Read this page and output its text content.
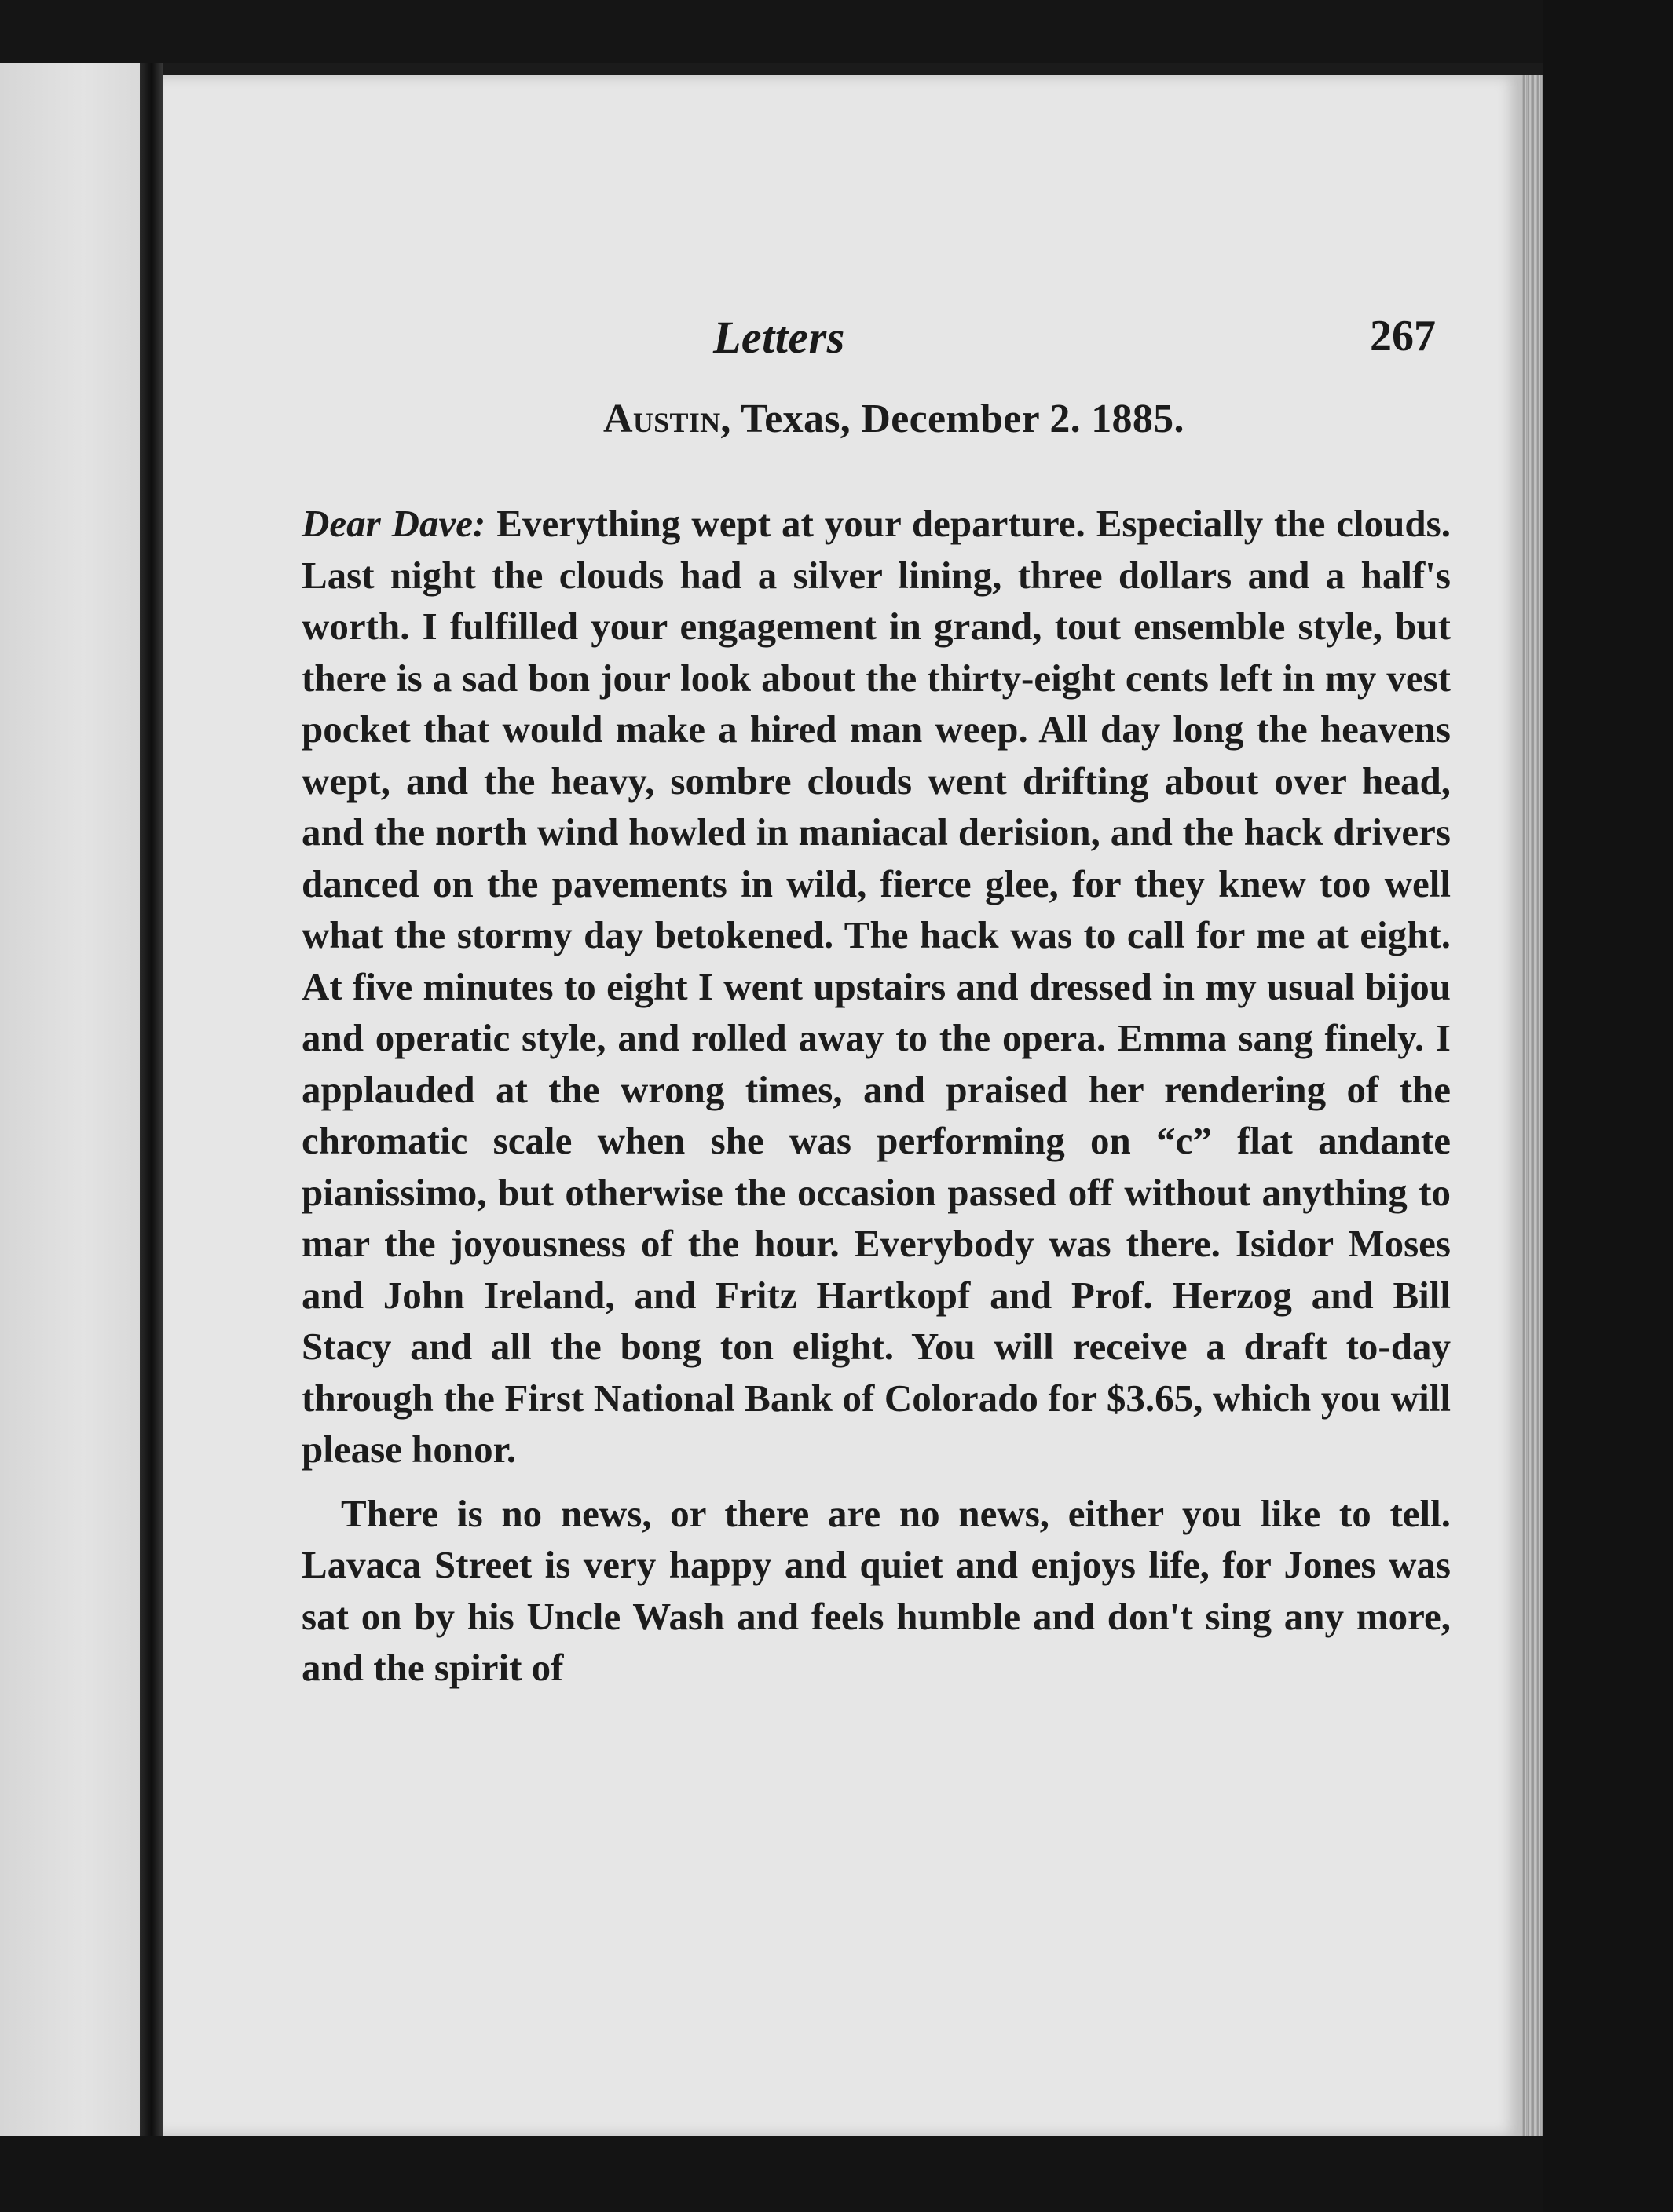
Letters	267
Austin, Texas, December 2. 1885.

Dear Dave: Everything wept at your departure. Especially the clouds. Last night the clouds had a silver lining, three dollars and a half's worth. I fulfilled your engagement in grand, tout ensemble style, but there is a sad bon jour look about the thirty-eight cents left in my vest pocket that would make a hired man weep. All day long the heavens wept, and the heavy, sombre clouds went drifting about over head, and the north wind howled in maniacal derision, and the hack drivers danced on the pavements in wild, fierce glee, for they knew too well what the stormy day betokened. The hack was to call for me at eight. At five minutes to eight I went upstairs and dressed in my usual bijou and operatic style, and rolled away to the opera. Emma sang finely. I applauded at the wrong times, and praised her rendering of the chromatic scale when she was performing on “c” flat andante pianissimo, but otherwise the occasion passed off without anything to mar the joyousness of the hour. Everybody was there. Isidor Moses and John Ireland, and Fritz Hartkopf and Prof. Herzog and Bill Stacy and all the bong ton elight. You will receive a draft to-day through the First National Bank of Colorado for $3.65, which you will please honor.

There is no news, or there are no news, either you like to tell. Lavaca Street is very happy and quiet and enjoys life, for Jones was sat on by his Uncle Wash and feels humble and don't sing any more, and the spirit of
